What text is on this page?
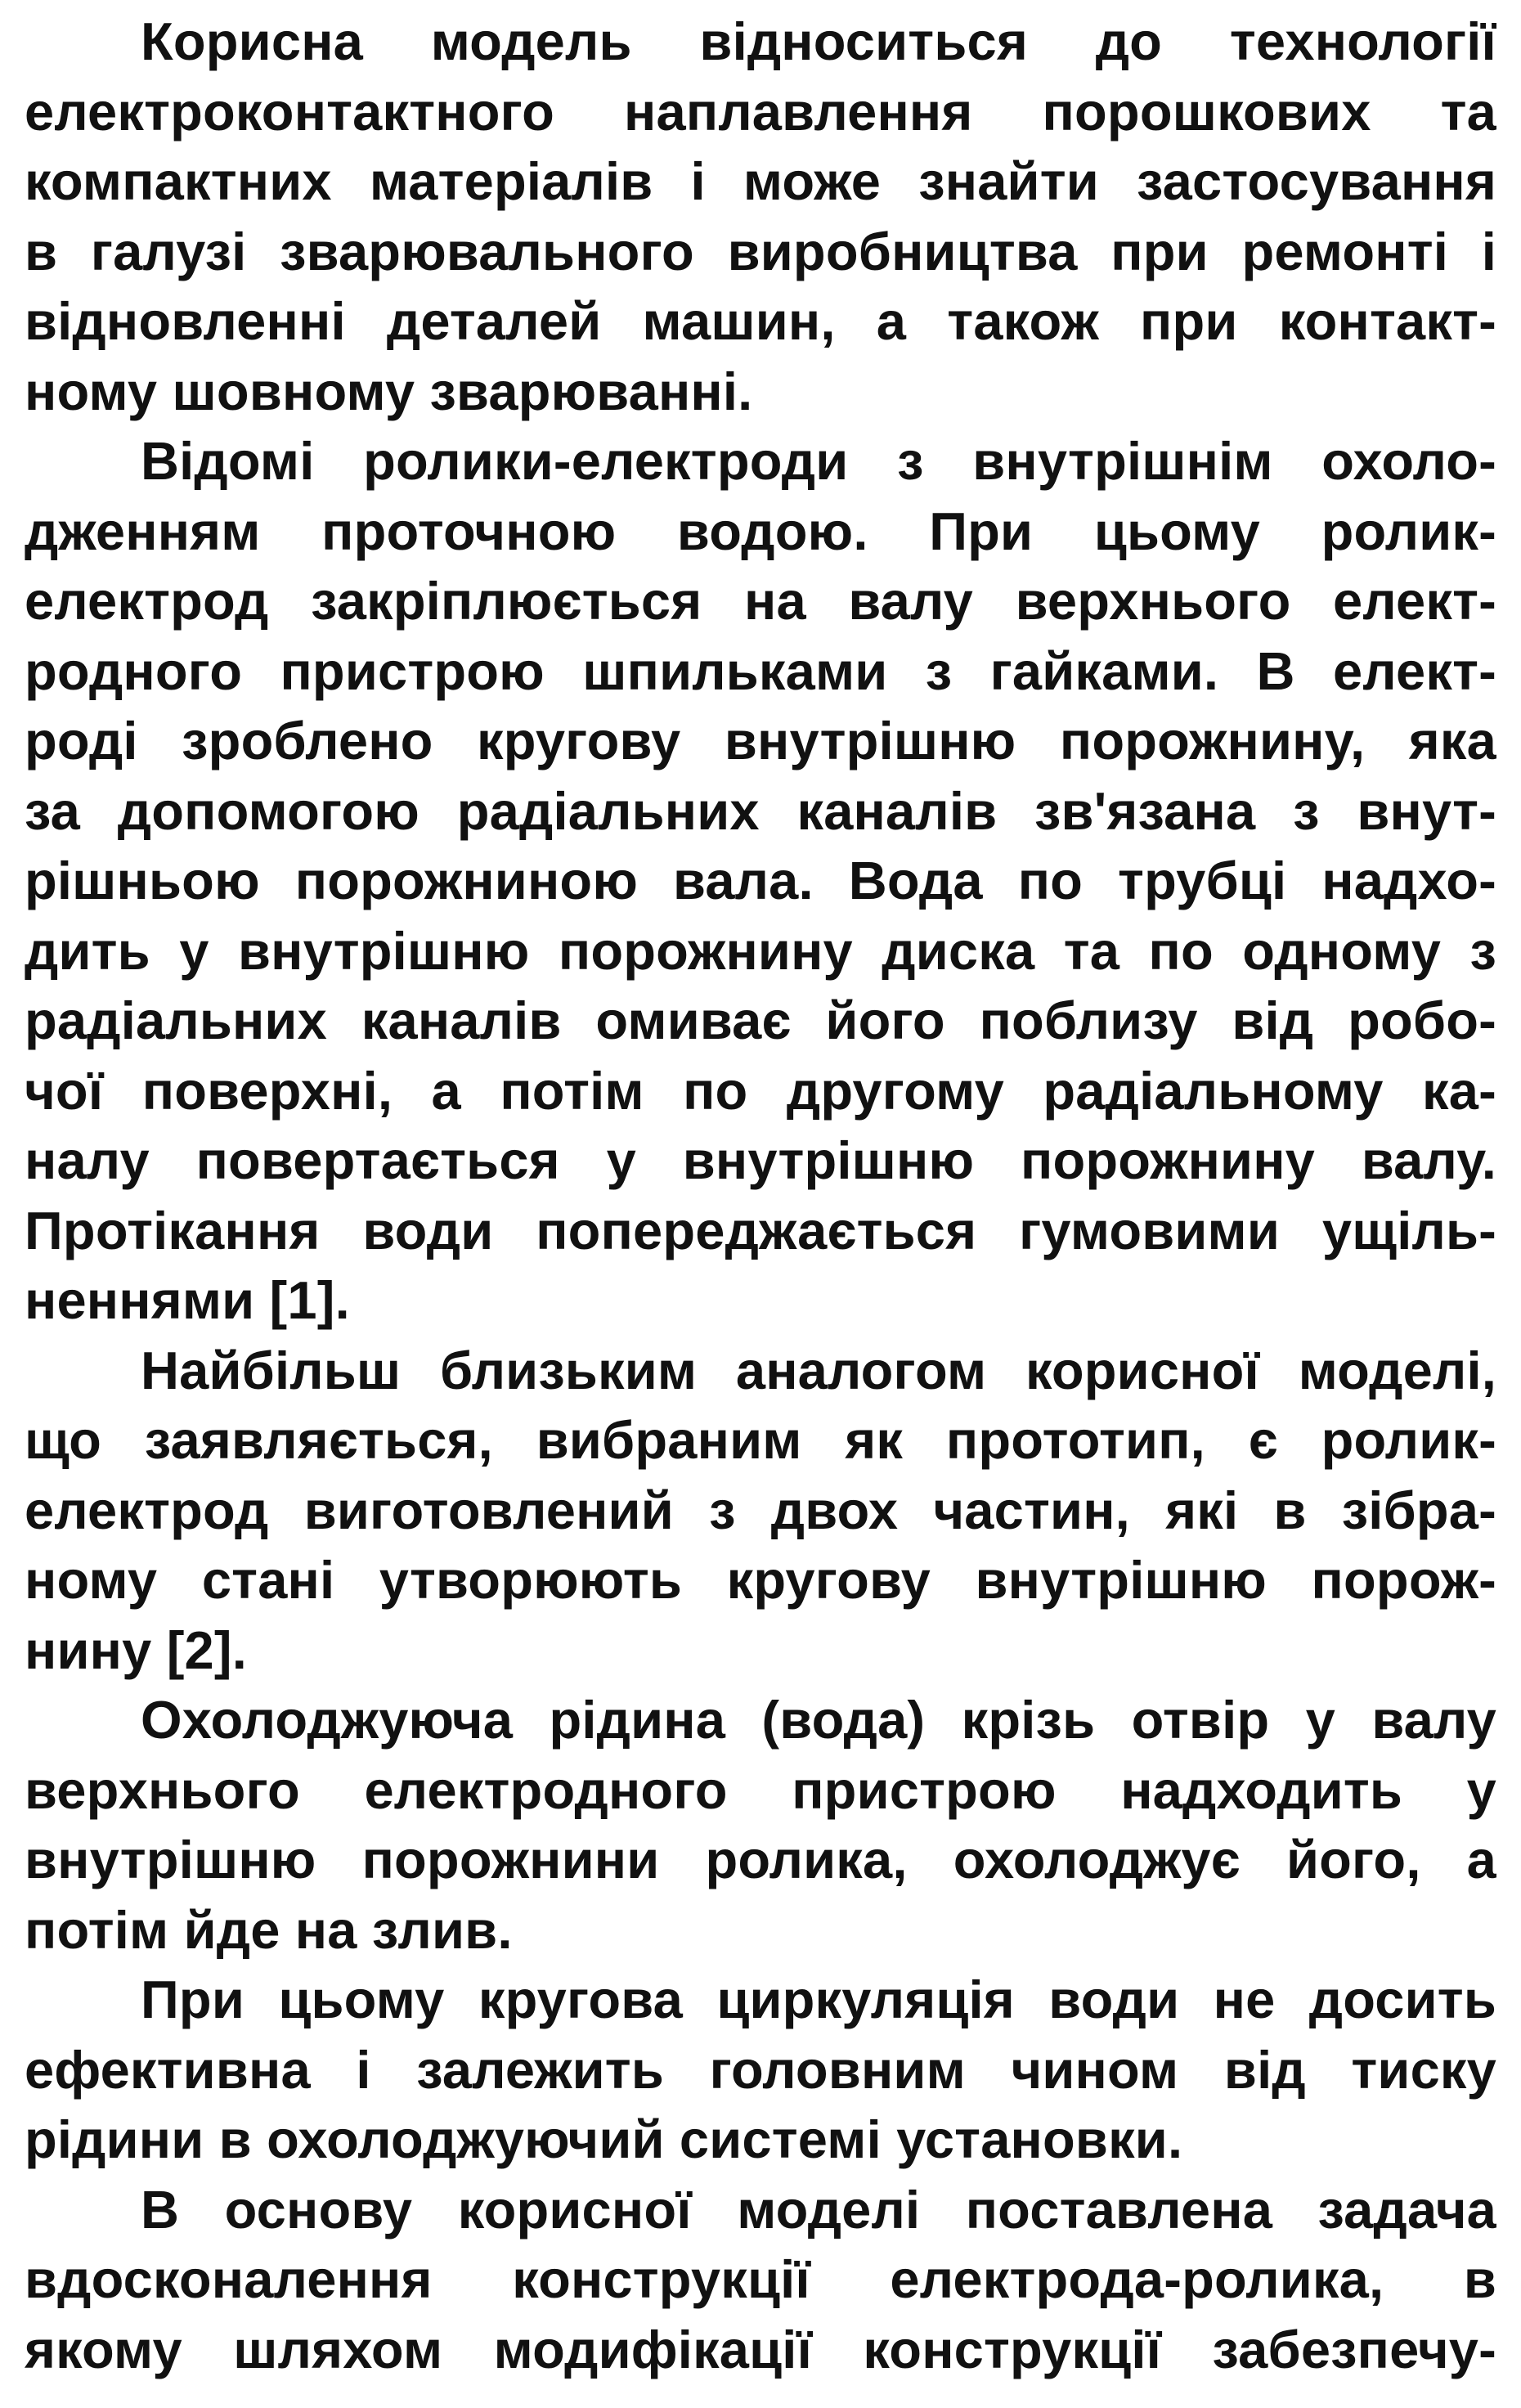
Корисна модель відноситься до технології
електроконтактного наплавлення порошкових та
компактних матеріалів і може знайти застосування
в галузі зварювального виробництва при ремонті і
відновленні деталей машин, а також при контакт-
ному шовному зварюванні.
Відомі ролики-електроди з внутрішнім охоло-
дженням проточною водою. При цьому ролик-
електрод закріплюється на валу верхнього елект-
родного пристрою шпильками з гайками. В елект-
роді зроблено кругову внутрішню порожнину, яка
за допомогою радіальних каналів зв'язана з внут-
рішньою порожниною вала. Вода по трубці надхо-
дить у внутрішню порожнину диска та по одному з
радіальних каналів омиває його поблизу від робо-
чої поверхні, а потім по другому радіальному ка-
налу повертається у внутрішню порожнину валу.
Протікання води попереджається гумовими ущіль-
неннями [1].
Найбільш близьким аналогом корисної моделі,
що заявляється, вибраним як прототип, є ролик-
електрод виготовлений з двох частин, які в зібра-
ному стані утворюють кругову внутрішню порож-
нину [2].
Охолоджуюча рідина (вода) крізь отвір у валу
верхнього електродного пристрою надходить у
внутрішню порожнини ролика, охолоджує його, а
потім йде на злив.
При цьому кругова циркуляція води не досить
ефективна і залежить головним чином від тиску
рідини в охолоджуючий системі установки.
В основу корисної моделі поставлена задача
вдосконалення конструкції електрода-ролика, в
якому шляхом модифікації конструкції забезпечу-
